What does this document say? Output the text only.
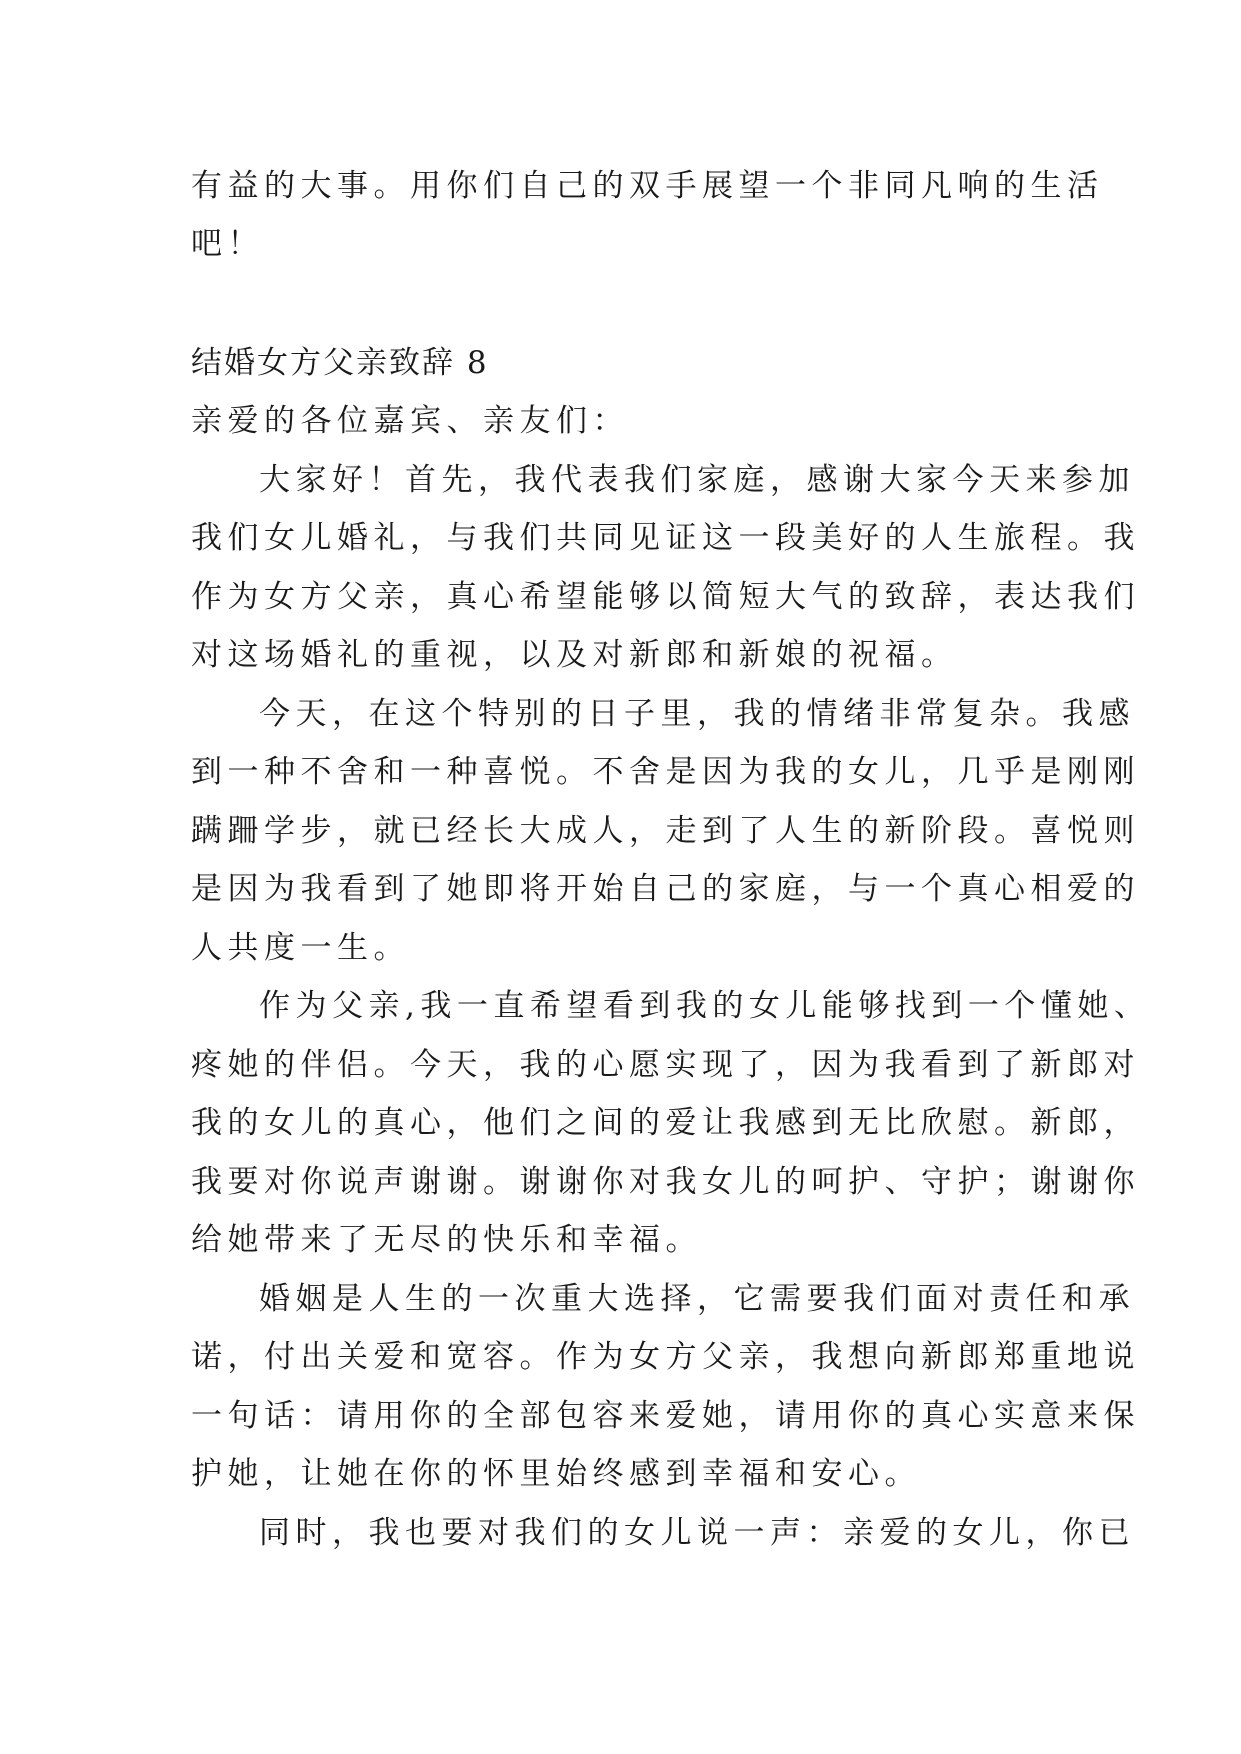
有益的大事。用你们自己的双手展望一个非同凡响的生活

吧！

结婚女方父亲致辞 8

亲爱的各位嘉宾、亲友们：

大家好！首先，我代表我们家庭，感谢大家今天来参加

我们女儿婚礼，与我们共同见证这一段美好的人生旅程。我

作为女方父亲，真心希望能够以简短大气的致辞，表达我们

对这场婚礼的重视，以及对新郎和新娘的祝福。

今天，在这个特别的日子里，我的情绪非常复杂。我感

到一种不舍和一种喜悦。不舍是因为我的女儿，几乎是刚刚

蹒跚学步，就已经长大成人，走到了人生的新阶段。喜悦则

是因为我看到了她即将开始自己的家庭，与一个真心相爱的

人共度一生。

作为父亲,我一直希望看到我的女儿能够找到一个懂她、

疼她的伴侣。今天，我的心愿实现了，因为我看到了新郎对

我的女儿的真心，他们之间的爱让我感到无比欣慰。新郎，

我要对你说声谢谢。谢谢你对我女儿的呵护、守护；谢谢你

给她带来了无尽的快乐和幸福。

婚姻是人生的一次重大选择，它需要我们面对责任和承

诺，付出关爱和宽容。作为女方父亲，我想向新郎郑重地说

一句话：请用你的全部包容来爱她，请用你的真心实意来保

护她，让她在你的怀里始终感到幸福和安心。

同时，我也要对我们的女儿说一声：亲爱的女儿，你已
